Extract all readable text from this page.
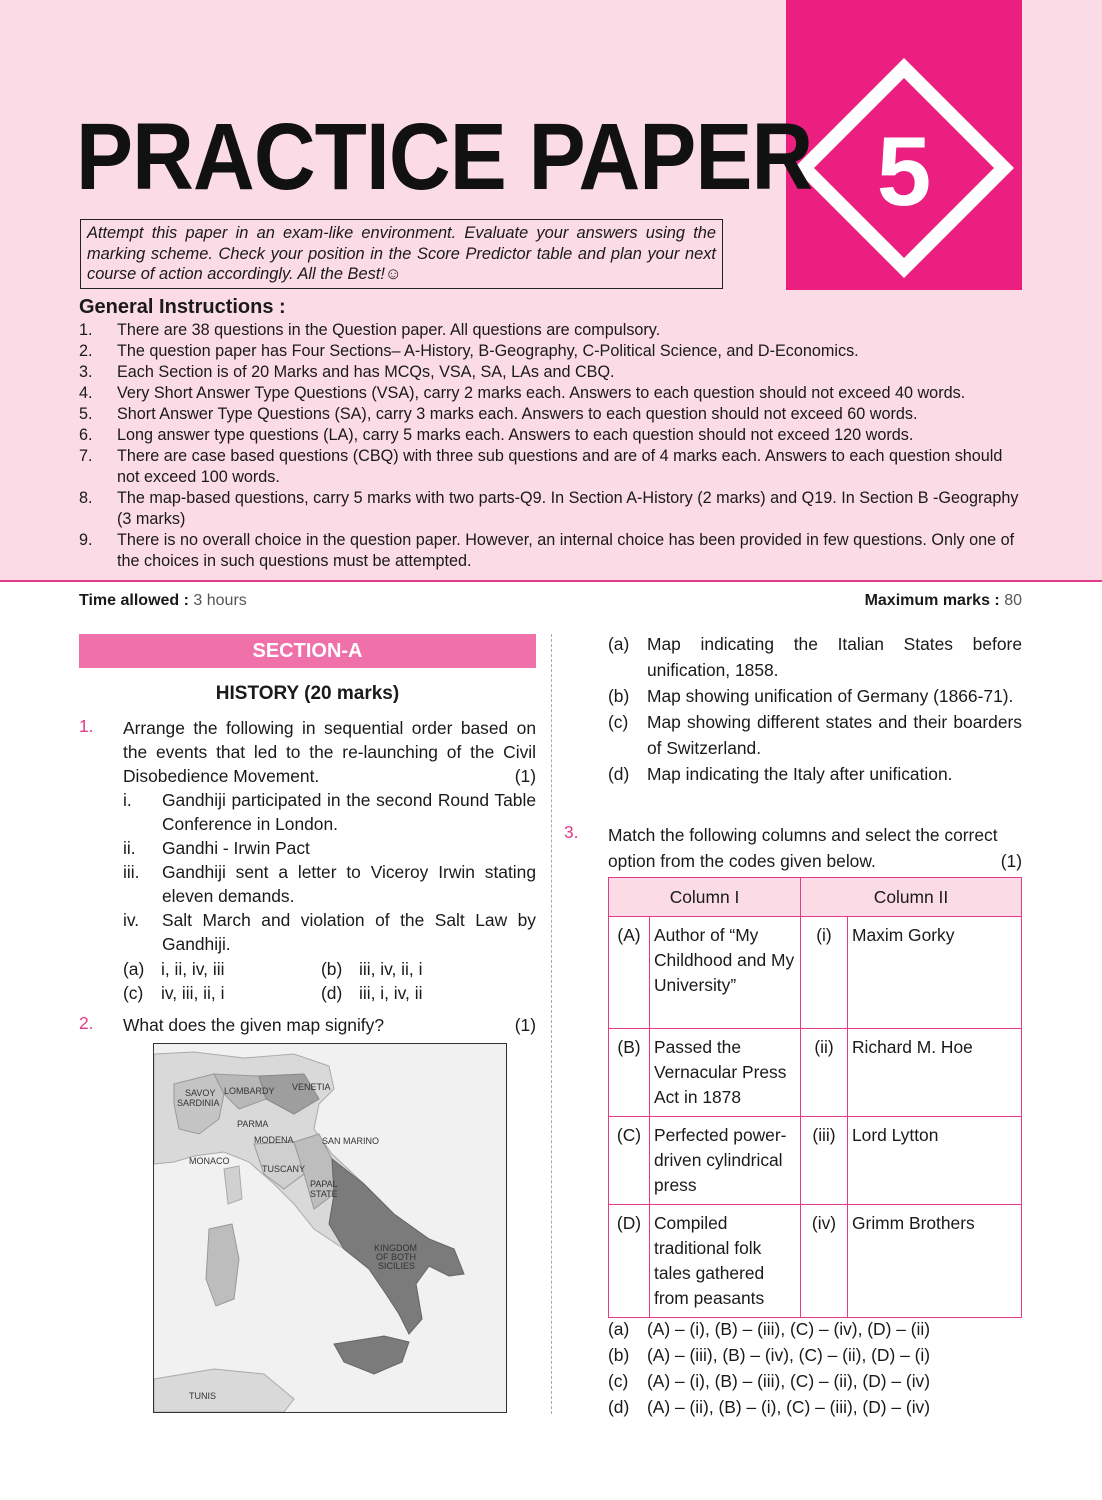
5
PRACTICE PAPER
Attempt this paper in an exam-like environment. Evaluate your answers using the marking scheme. Check your position in the Score Predictor table and plan your next course of action accordingly. All the Best!☺
General Instructions :
1.	There are 38 questions in the Question paper. All questions are compulsory.
2.	The question paper has Four Sections– A-History, B-Geography, C-Political Science, and D-Economics.
3.	Each Section is of 20 Marks and has MCQs, VSA, SA, LAs and CBQ.
4.	Very Short Answer Type Questions (VSA), carry 2 marks each. Answers to each question should not exceed 40 words.
5.	Short Answer Type Questions (SA), carry 3 marks each. Answers to each question should not exceed 60 words.
6.	Long answer type questions (LA), carry 5 marks each. Answers to each question should not exceed 120 words.
7.	There are case based questions (CBQ) with three sub questions and are of 4 marks each. Answers to each question should not exceed 100 words.
8.	The map-based questions, carry 5 marks with two parts-Q9. In Section A-History (2 marks) and Q19. In Section B -Geography (3 marks)
9.	There is no overall choice in the question paper. However, an internal choice has been provided in few questions. Only one of the choices in such questions must be attempted.
Time allowed : 3 hours	Maximum marks : 80
SECTION-A
HISTORY (20 marks)
1. Arrange the following in sequential order based on the events that led to the re-launching of the Civil Disobedience Movement.	(1)
i.	Gandhiji participated in the second Round Table Conference in London.
ii.	Gandhi - Irwin Pact
iii.	Gandhiji sent a letter to Viceroy Irwin stating eleven demands.
iv.	Salt March and violation of the Salt Law by Gandhiji.
(a) i, ii, iv, iii	(b) iii, iv, ii, i
(c) iv, iii, ii, i	(d) iii, i, iv, ii
2. What does the given map signify?	(1)
SAVOY
SARDINIA
LOMBARDY VENETIA
PARMA
MODENA	SAN MARINO
MONACO
TUSCANY
PAPAL
STATE
KINGDOM
OF BOTH
SICILIES
TUNIS
(a)	Map indicating the Italian States before unification, 1858.
(b)	Map showing unification of Germany (1866-71).
(c)	Map showing different states and their boarders of Switzerland.
(d)	Map indicating the Italy after unification.
3. Match the following columns and select the correct option from the codes given below.	(1)
Column I		Column II	
(A)	Author of “My Childhood and My University”	(i)	Maxim Gorky
(B)	Passed the Vernacular Press Act in 1878	(ii)	Richard M. Hoe
(C)	Perfected power-driven cylindrical press	(iii)	Lord Lytton
(D)	Compiled traditional folk tales gathered from peasants	(iv)	Grimm Brothers
(a)	(A) – (i), (B) – (iii), (C) – (iv), (D) – (ii)
(b)	(A) – (iii), (B) – (iv), (C) – (ii), (D) – (i)
(c)	(A) – (i), (B) – (iii), (C) – (ii), (D) – (iv)
(d)	(A) – (ii), (B) – (i), (C) – (iii), (D) – (iv)
